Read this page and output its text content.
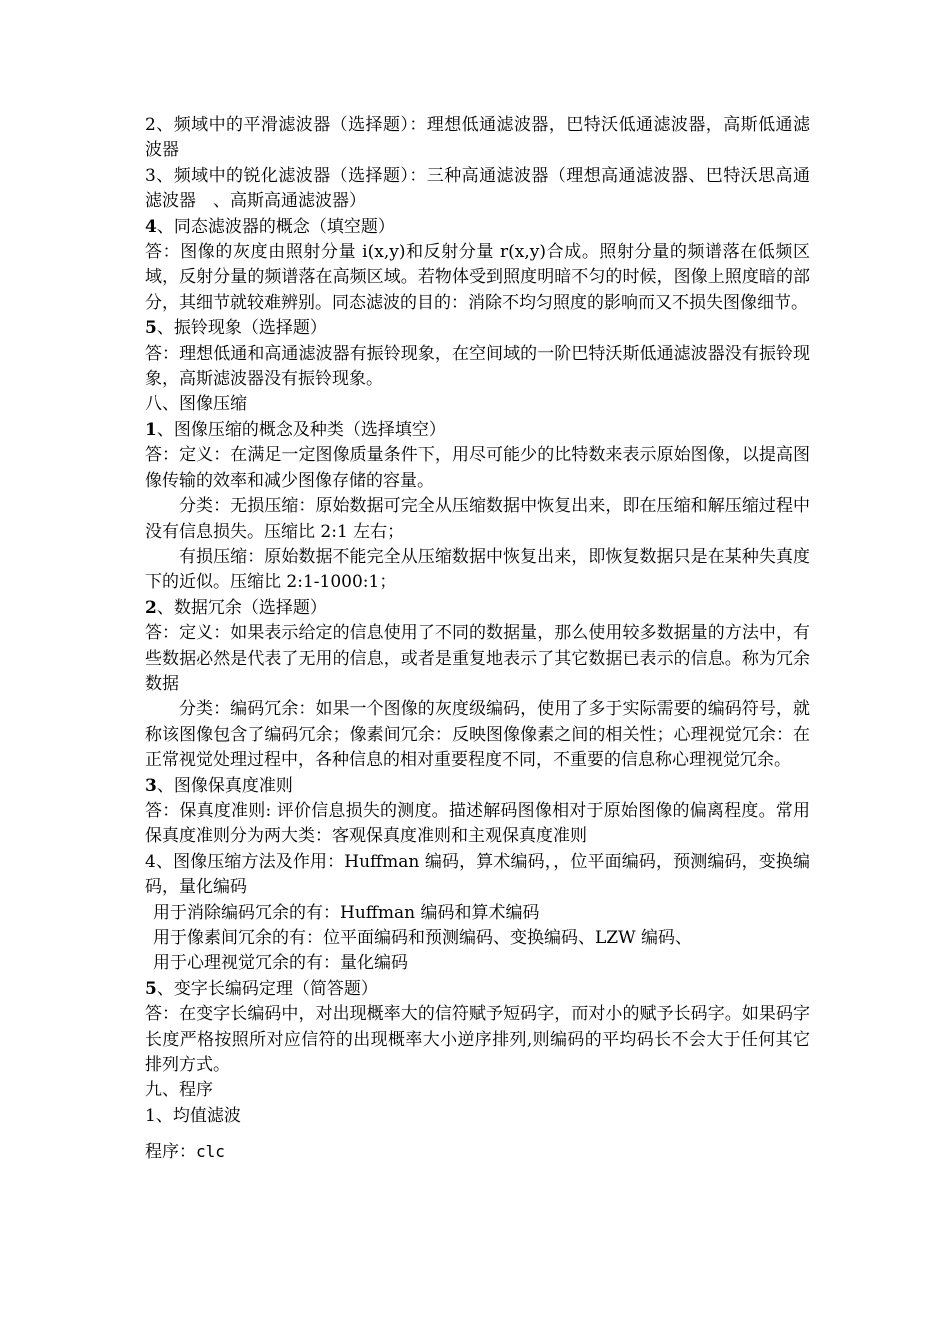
2、频域中的平滑滤波器（选择题）：理想低通滤波器，巴特沃低通滤波器，高斯低通滤波器

3、频域中的锐化滤波器（选择题）：三种高通滤波器（理想高通滤波器、巴特沃思高通滤波器　、高斯高通滤波器）

4、同态滤波器的概念（填空题）

答：图像的灰度由照射分量 i(x,y)和反射分量 r(x,y)合成。照射分量的频谱落在低频区域，反射分量的频谱落在高频区域。若物体受到照度明暗不匀的时候，图像上照度暗的部分，其细节就较难辨别。同态滤波的目的：消除不均匀照度的影响而又不损失图像细节。

5、振铃现象（选择题）

答：理想低通和高通滤波器有振铃现象，在空间域的一阶巴特沃斯低通滤波器没有振铃现象，高斯滤波器没有振铃现象。

八、图像压缩

1、图像压缩的概念及种类（选择填空）

答：定义：在满足一定图像质量条件下，用尽可能少的比特数来表示原始图像，以提高图像传输的效率和减少图像存储的容量。

分类：无损压缩：原始数据可完全从压缩数据中恢复出来，即在压缩和解压缩过程中没有信息损失。压缩比 2:1 左右；

有损压缩：原始数据不能完全从压缩数据中恢复出来，即恢复数据只是在某种失真度下的近似。压缩比 2:1-1000:1；

2、数据冗余（选择题）

答：定义：如果表示给定的信息使用了不同的数据量，那么使用较多数据量的方法中，有些数据必然是代表了无用的信息，或者是重复地表示了其它数据已表示的信息。称为冗余数据

分类：编码冗余：如果一个图像的灰度级编码，使用了多于实际需要的编码符号，就称该图像包含了编码冗余；像素间冗余：反映图像像素之间的相关性；心理视觉冗余：在正常视觉处理过程中，各种信息的相对重要程度不同，不重要的信息称心理视觉冗余。

3、图像保真度准则

答：保真度准则: 评价信息损失的测度。描述解码图像相对于原始图像的偏离程度。常用保真度准则分为两大类：客观保真度准则和主观保真度准则

4、图像压缩方法及作用：Huffman 编码，算术编码，，位平面编码，预测编码，变换编码，量化编码

用于消除编码冗余的有：Huffman 编码和算术编码

用于像素间冗余的有：位平面编码和预测编码、变换编码、LZW 编码、

用于心理视觉冗余的有：量化编码

5、变字长编码定理（简答题）

答：在变字长编码中，对出现概率大的信符赋予短码字，而对小的赋予长码字。如果码字长度严格按照所对应信符的出现概率大小逆序排列,则编码的平均码长不会大于任何其它排列方式。

九、程序

1、均值滤波

程序：clc
